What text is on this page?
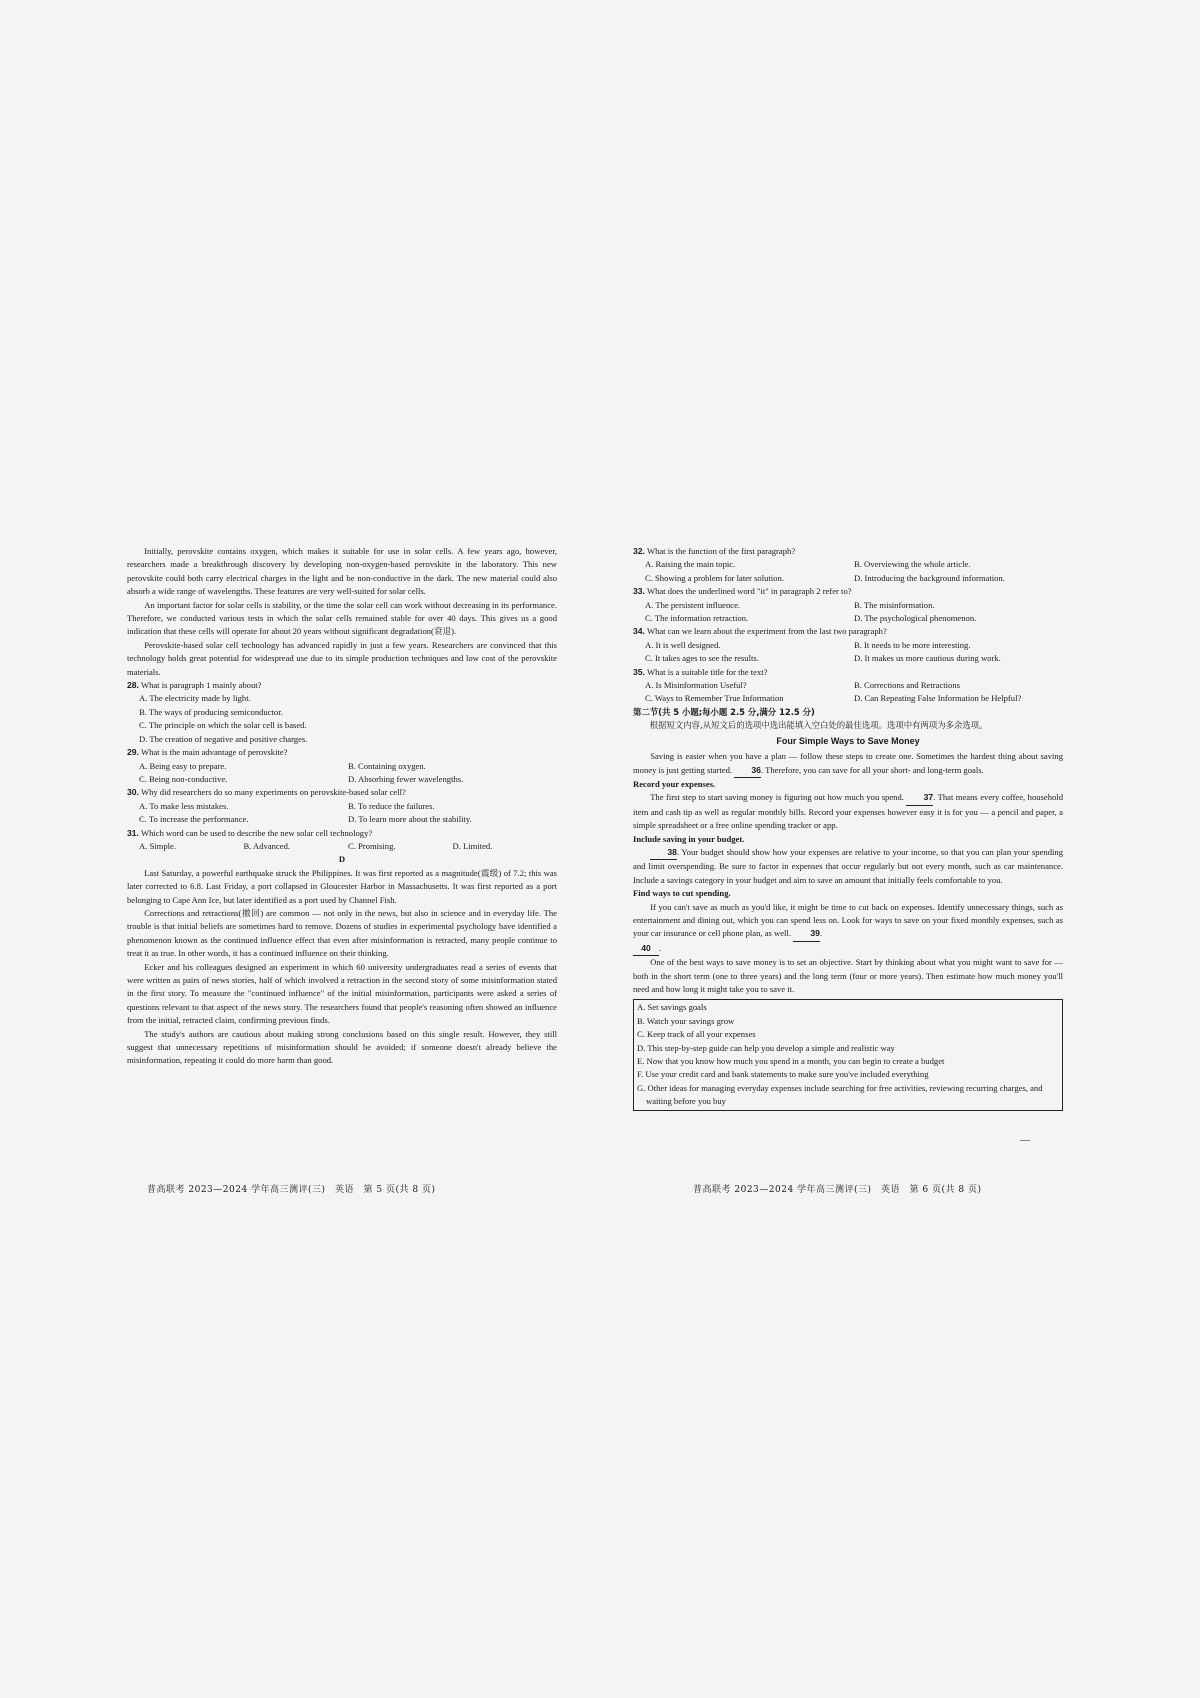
Initially, perovskite contains oxygen, which makes it suitable for use in solar cells. A few years ago, however, researchers made a breakthrough discovery by developing non-oxygen-based perovskite in the laboratory. This new perovskite could both carry electrical charges in the light and be non-conductive in the dark. The new material could also absorb a wide range of wavelengths. These features are very well-suited for solar cells.

An important factor for solar cells is stability, or the time the solar cell can work without decreasing in its performance. Therefore, we conducted various tests in which the solar cells remained stable for over 40 days. This gives us a good indication that these cells will operate for about 20 years without significant degradation(衰退).

Perovskite-based solar cell technology has advanced rapidly in just a few years. Researchers are convinced that this technology holds great potential for widespread use due to its simple production techniques and low cost of the perovskite materials.

28. What is paragraph 1 mainly about?
A. The electricity made by light.
B. The ways of producing semiconductor.
C. The principle on which the solar cell is based.
D. The creation of negative and positive charges.
29. What is the main advantage of perovskite?
A. Being easy to prepare.	B. Containing oxygen.
C. Being non-conductive.	D. Absorbing fewer wavelengths.
30. Why did researchers do so many experiments on perovskite-based solar cell?
A. To make less mistakes.	B. To reduce the failures.
C. To increase the performance.	D. To learn more about the stability.
31. Which word can be used to describe the new solar cell technology?
A. Simple.	B. Advanced.	C. Promising.	D. Limited.

D

Last Saturday, a powerful earthquake struck the Philippines. It was first reported as a magnitude(震级) of 7.2; this was later corrected to 6.8. Last Friday, a port collapsed in Gloucester Harbor in Massachusetts. It was first reported as a port belonging to Cape Ann Ice, but later identified as a port used by Channel Fish.

Corrections and retractions(撤回) are common — not only in the news, but also in science and in everyday life. The trouble is that initial beliefs are sometimes hard to remove. Dozens of studies in experimental psychology have identified a phenomenon known as the continued influence effect that even after misinformation is retracted, many people continue to treat it as true. In other words, it has a continued influence on their thinking.

Ecker and his colleagues designed an experiment in which 60 university undergraduates read a series of events that were written as pairs of news stories, half of which involved a retraction in the second story of some misinformation stated in the first story. To measure the "continued influence" of the initial misinformation, participants were asked a series of questions relevant to that aspect of the news story. The researchers found that people's reasoning often showed an influence from the initial, retracted claim, confirming previous finds.

The study's authors are cautious about making strong conclusions based on this single result. However, they still suggest that unnecessary repetitions of misinformation should be avoided; if someone doesn't already believe the misinformation, repeating it could do more harm than good.

普高联考 2023—2024 学年高三测评(三)　英语　第 5 页(共 8 页)
32. What is the function of the first paragraph?
A. Raising the main topic.	B. Overviewing the whole article.
C. Showing a problem for later solution.	D. Introducing the background information.
33. What does the underlined word "it" in paragraph 2 refer to?
A. The persistent influence.	B. The misinformation.
C. The information retraction.	D. The psychological phenomenon.
34. What can we learn about the experiment from the last two paragraph?
A. It is well designed.	B. It needs to be more interesting.
C. It takes ages to see the results.	D. It makes us more cautious during work.
35. What is a suitable title for the text?
A. Is Misinformation Useful?	B. Corrections and Retractions
C. Ways to Remember True Information	D. Can Repeating False Information be Helpful?

第二节(共 5 小题;每小题 2.5 分,满分 12.5 分)

根据短文内容,从短文后的选项中选出能填入空白处的最佳选项。选项中有两项为多余选项。

Four Simple Ways to Save Money

Saving is easier when you have a plan — follow these steps to create one. Sometimes the hardest thing about saving money is just getting started. 36. Therefore, you can save for all your short- and long-term goals.

Record your expenses.

The first step to start saving money is figuring out how much you spend. 37. That means every coffee, household item and cash tip as well as regular monthly bills. Record your expenses however easy it is for you — a pencil and paper, a simple spreadsheet or a free online spending tracker or app.

Include saving in your budget.

38. Your budget should show how your expenses are relative to your income, so that you can plan your spending and limit overspending. Be sure to factor in expenses that occur regularly but not every month, such as car maintenance. Include a savings category in your budget and aim to save an amount that initially feels comfortable to you.

Find ways to cut spending.

If you can't save as much as you'd like, it might be time to cut back on expenses. Identify unnecessary things, such as entertainment and dining out, which you can spend less on. Look for ways to save on your fixed monthly expenses, such as your car insurance or cell phone plan, as well. 39.

40 .

One of the best ways to save money is to set an objective. Start by thinking about what you might want to save for — both in the short term (one to three years) and the long term (four or more years). Then estimate how much money you'll need and how long it might take you to save it.

A. Set savings goals
B. Watch your savings grow
C. Keep track of all your expenses
D. This step-by-step guide can help you develop a simple and realistic way
E. Now that you know how much you spend in a month, you can begin to create a budget
F. Use your credit card and bank statements to make sure you've included everything
G. Other ideas for managing everyday expenses include searching for free activities, reviewing recurring charges, and waiting before you buy
普高联考 2023—2024 学年高三测评(三)　英语　第 6 页(共 8 页)
